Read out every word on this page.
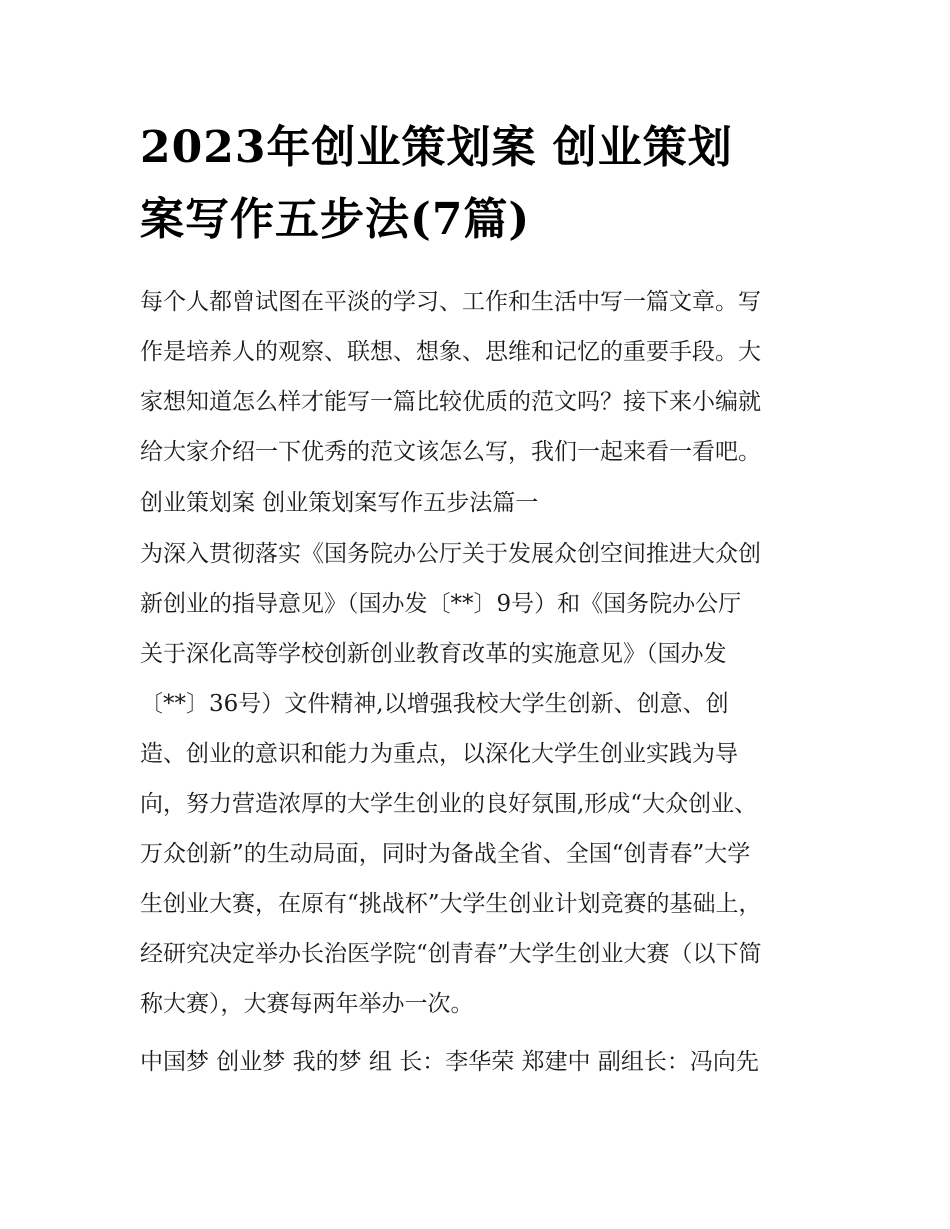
2023年创业策划案 创业策划
案写作五步法(7篇)
每个人都曾试图在平淡的学习、工作和生活中写一篇文章。写
作是培养人的观察、联想、想象、思维和记忆的重要手段。大
家想知道怎么样才能写一篇比较优质的范文吗？接下来小编就
给大家介绍一下优秀的范文该怎么写，我们一起来看一看吧。
创业策划案 创业策划案写作五步法篇一
为深入贯彻落实《国务院办公厅关于发展众创空间推进大众创
新创业的指导意见》（国办发〔**〕9号）和《国务院办公厅
关于深化高等学校创新创业教育改革的实施意见》（国办发
〔**〕36号）文件精神,以增强我校大学生创新、创意、创
造、创业的意识和能力为重点，以深化大学生创业实践为导
向，努力营造浓厚的大学生创业的良好氛围,形成“大众创业、
万众创新”的生动局面，同时为备战全省、全国“创青春”大学
生创业大赛，在原有“挑战杯”大学生创业计划竞赛的基础上，
经研究决定举办长治医学院“创青春”大学生创业大赛（以下简
称大赛），大赛每两年举办一次。
中国梦 创业梦 我的梦 组 长：李华荣 郑建中 副组长：冯向先
